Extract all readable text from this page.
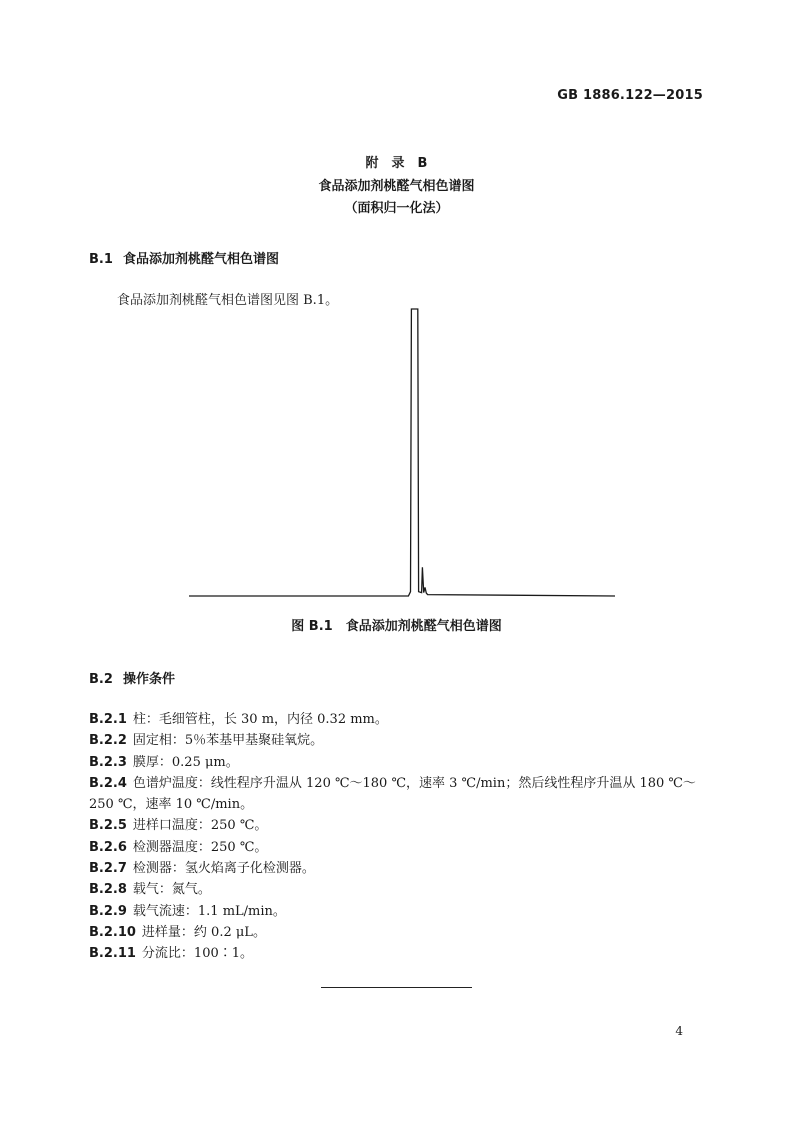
GB 1886.122—2015
附　录　B
食品添加剂桃醛气相色谱图
（面积归一化法）
B.1 食品添加剂桃醛气相色谱图
食品添加剂桃醛气相色谱图见图 B.1。
图 B.1　食品添加剂桃醛气相色谱图
B.2 操作条件
B.2.1 柱：毛细管柱，长 30 m，内径 0.32 mm。
B.2.2 固定相：5％苯基甲基聚硅氧烷。
B.2.3 膜厚：0.25 μm。
B.2.4 色谱炉温度：线性程序升温从 120 ℃～180 ℃，速率 3 ℃/min；然后线性程序升温从 180 ℃～250 ℃，速率 10 ℃/min。
B.2.5 进样口温度：250 ℃。
B.2.6 检测器温度：250 ℃。
B.2.7 检测器：氢火焰离子化检测器。
B.2.8 载气：氮气。
B.2.9 载气流速：1.1 mL/min。
B.2.10 进样量：约 0.2 μL。
B.2.11 分流比：100∶1。
4
